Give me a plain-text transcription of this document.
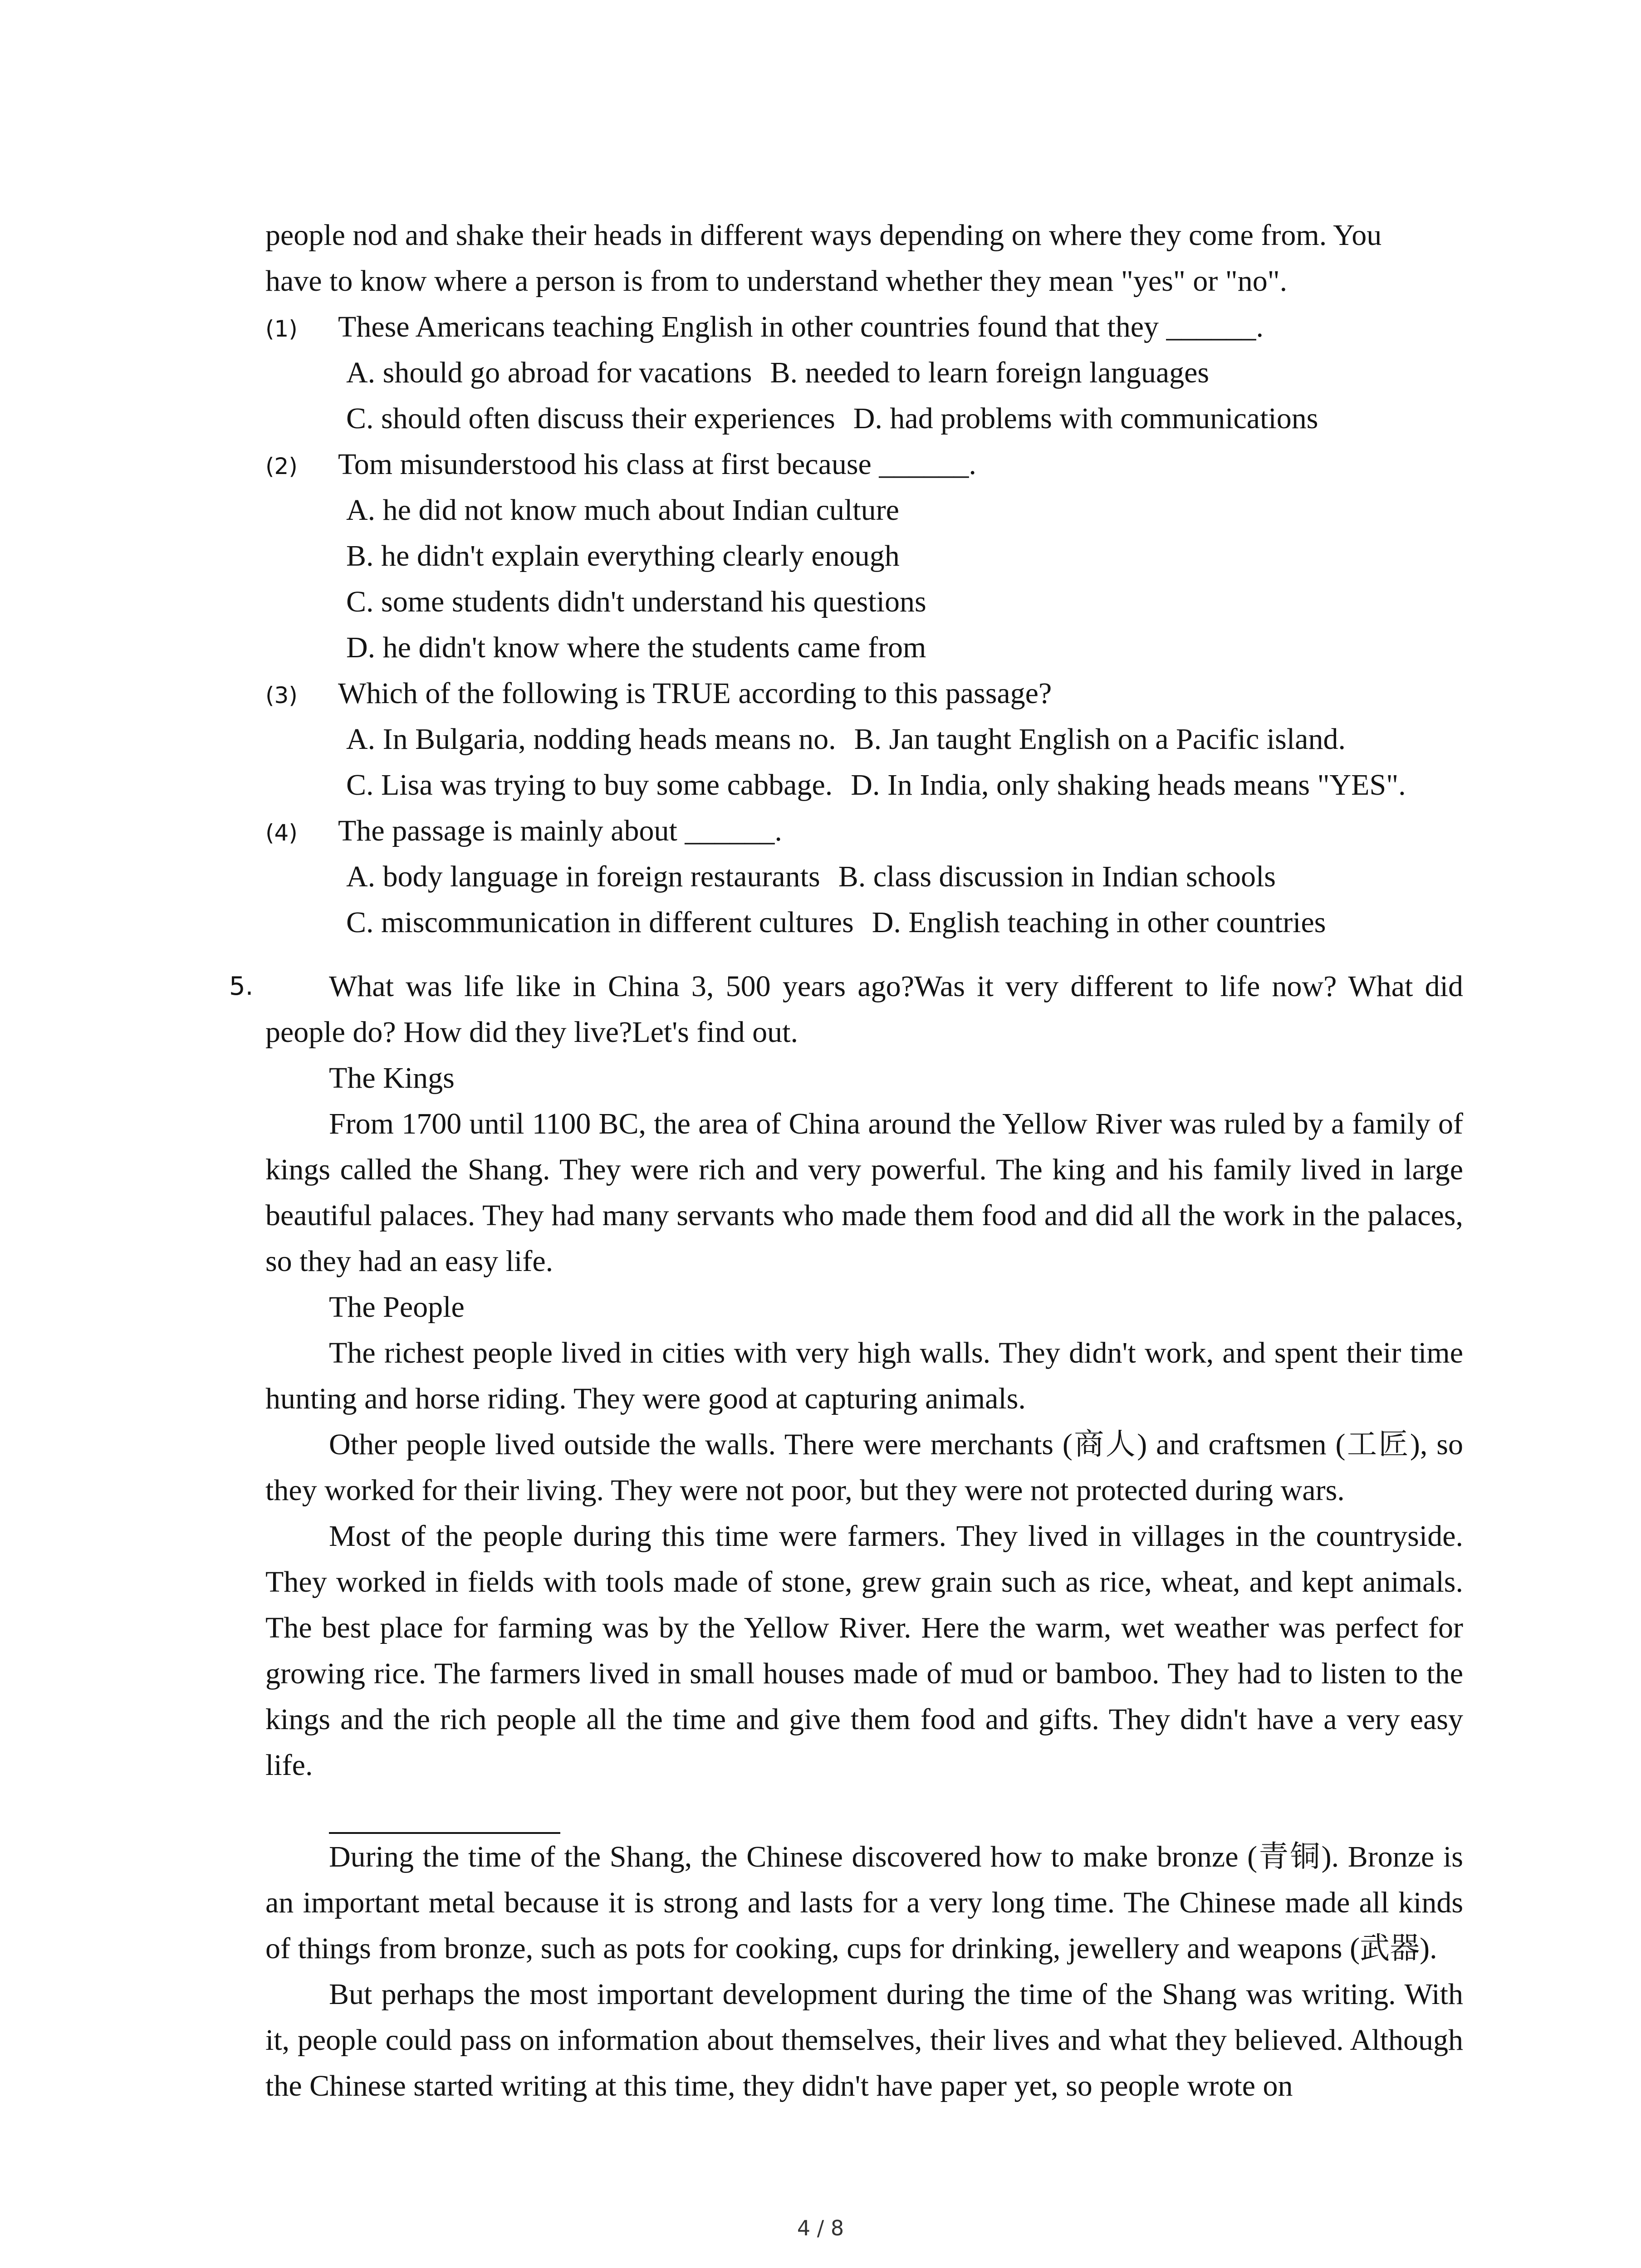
people nod and shake their heads in different ways depending on where they come from. You
have to know where a person is from to understand whether they mean "yes" or "no".
(1) These Americans teaching English in other countries found that they ______.
A. should go abroad for vacations B. needed to learn foreign languages
C. should often discuss their experiences D. had problems with communications
(2) Tom misunderstood his class at first because ______.
A. he did not know much about Indian culture
B. he didn't explain everything clearly enough
C. some students didn't understand his questions
D. he didn't know where the students came from
(3) Which of the following is TRUE according to this passage?
A. In Bulgaria, nodding heads means no. B. Jan taught English on a Pacific island.
C. Lisa was trying to buy some cabbage. D. In India, only shaking heads means "YES".
(4) The passage is mainly about ______.
A. body language in foreign restaurants B. class discussion in Indian schools
C. miscommunication in different cultures D. English teaching in other countries
5.	What was life like in China 3, 500 years ago?Was it very different to life now? What did people do? How did they live?Let's find out.
The Kings
From 1700 until 1100 BC, the area of China around the Yellow River was ruled by a family of kings called the Shang. They were rich and very powerful. The king and his family lived in large beautiful palaces. They had many servants who made them food and did all the work in the palaces, so they had an easy life.
The People
The richest people lived in cities with very high walls. They didn't work, and spent their time hunting and horse riding. They were good at capturing animals.
Other people lived outside the walls. There were merchants (商人) and craftsmen (工匠), so they worked for their living. They were not poor, but they were not protected during wars.
Most of the people during this time were farmers. They lived in villages in the countryside. They worked in fields with tools made of stone, grew grain such as rice, wheat, and kept animals. The best place for farming was by the Yellow River. Here the warm, wet weather was perfect for growing rice. The farmers lived in small houses made of mud or bamboo. They had to listen to the kings and the rich people all the time and give them food and gifts. They didn't have a very easy life.
During the time of the Shang, the Chinese discovered how to make bronze (青铜). Bronze is an important metal because it is strong and lasts for a very long time. The Chinese made all kinds of things from bronze, such as pots for cooking, cups for drinking, jewellery and weapons (武器).
But perhaps the most important development during the time of the Shang was writing. With it, people could pass on information about themselves, their lives and what they believed. Although the Chinese started writing at this time, they didn't have paper yet, so people wrote on
4 / 8
